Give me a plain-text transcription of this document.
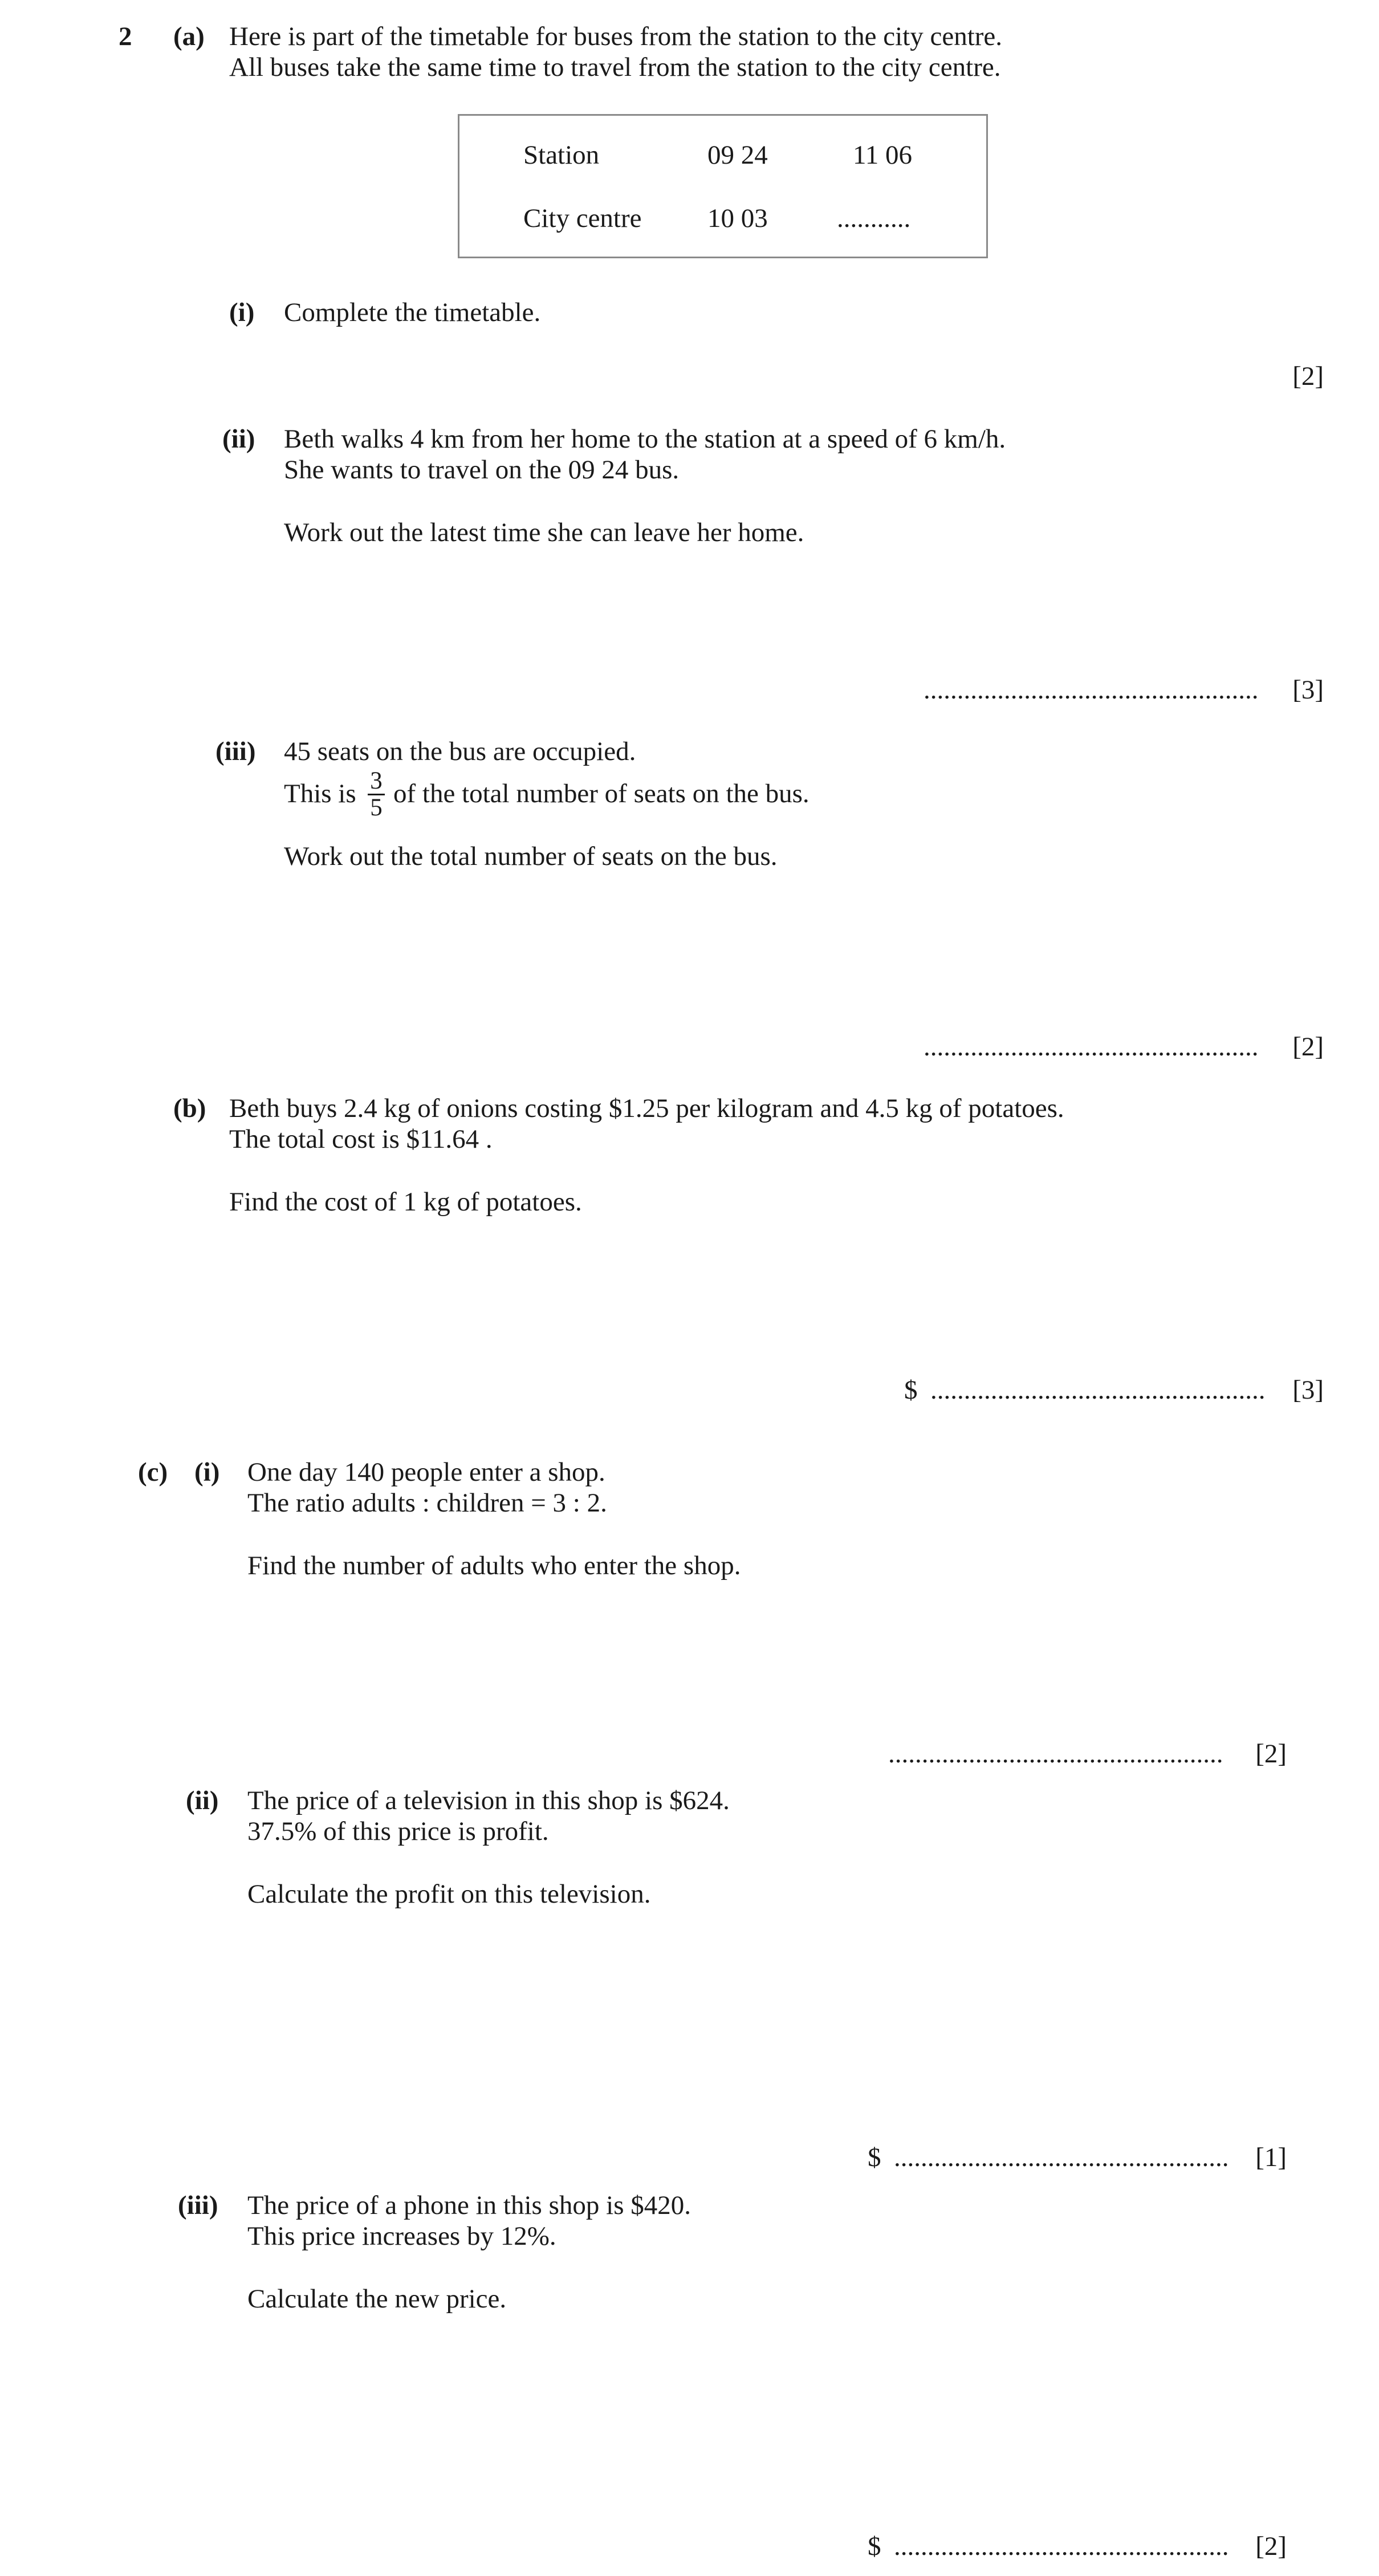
2 (a) Here is part of the timetable for buses from the station to the city centre.
All buses take the same time to travel from the station to the city centre.
Station	09 24	11 06
City centre 10 03	...........
(i) Complete the timetable.
[2]
(ii) Beth walks 4 km from her home to the station at a speed of 6 km/h.
She wants to travel on the 09 24 bus.
Work out the latest time she can leave her home.
.................................................. [3]
(iii) 45 seats on the bus are occupied.
This is $\frac{3}{5}$ of the total number of seats on the bus.
Work out the total number of seats on the bus.
.................................................. [2]
(b) Beth buys 2.4 kg of onions costing $1.25 per kilogram and 4.5 kg of potatoes.
The total cost is $11.64 .
Find the cost of 1 kg of potatoes.
$ .................................................. [3]
(c) (i) One day 140 people enter a shop.
The ratio adults : children = 3 : 2.
Find the number of adults who enter the shop.
.................................................. [2]
(ii) The price of a television in this shop is $624.
37.5% of this price is profit.
Calculate the profit on this television.
$ .................................................. [1]
(iii) The price of a phone in this shop is $420.
This price increases by 12%.
Calculate the new price.
$ .................................................. [2]
